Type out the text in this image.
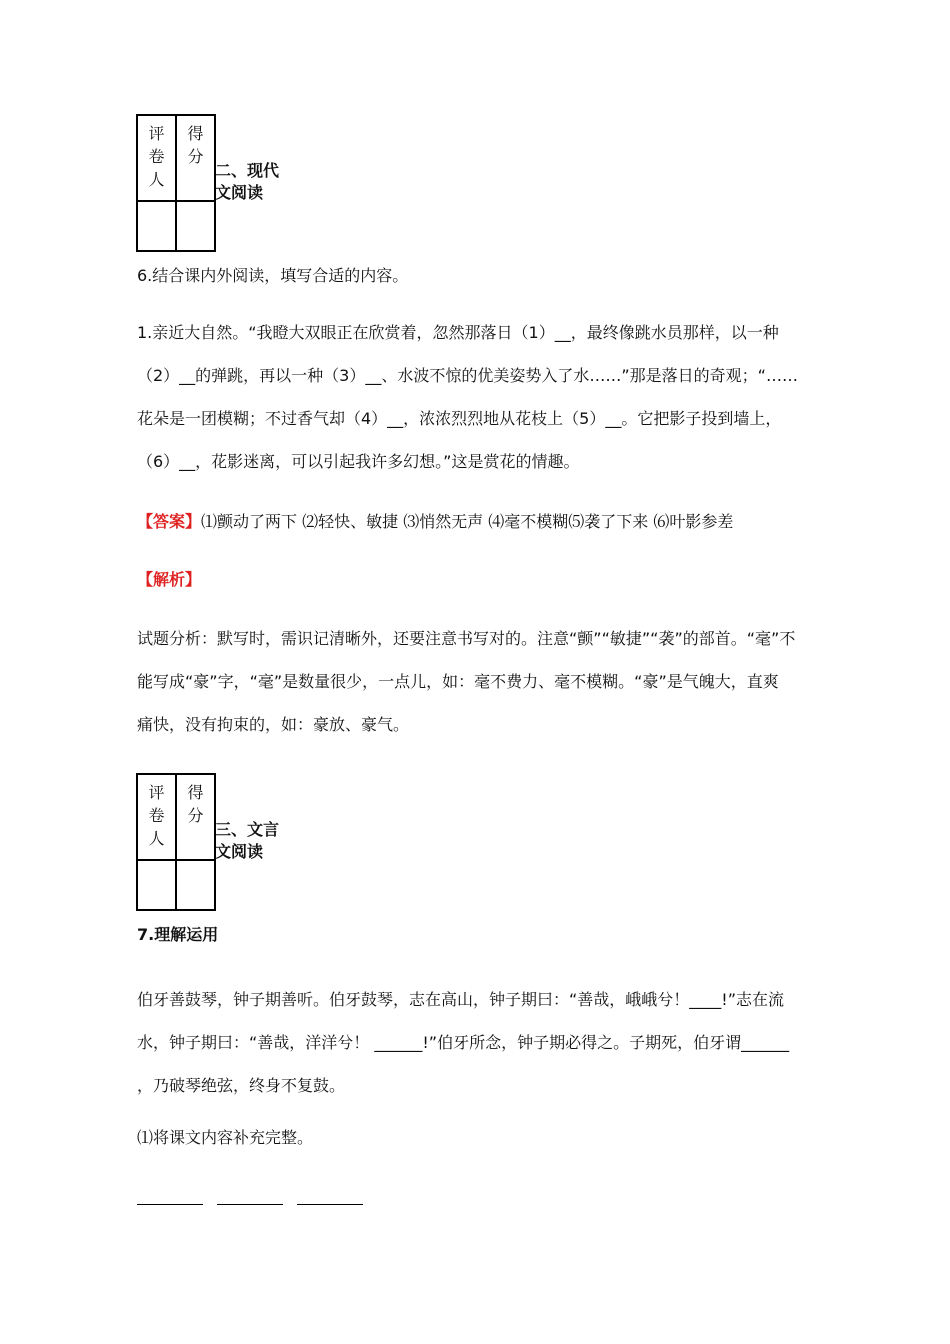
评卷人	得分

二、现代
文阅读
6.结合课内外阅读，填写合适的内容。
1.亲近大自然。“我瞪大双眼正在欣赏着，忽然那落日（1）__，最终像跳水员那样，以一种
（2）__的弹跳，再以一种（3）__、水波不惊的优美姿势入了水……”那是落日的奇观；“……
花朵是一团模糊；不过香气却（4）__，浓浓烈烈地从花枝上（5）__。它把影子投到墙上，
（6）__，花影迷离，可以引起我许多幻想。”这是赏花的情趣。
【答案】⑴颤动了两下 ⑵轻快、敏捷 ⑶悄然无声 ⑷毫不模糊⑸袭了下来 ⑹叶影参差
【解析】
试题分析：默写时，需识记清晰外，还要注意书写对的。注意“颤”“敏捷”“袭”的部首。“毫”不
能写成“豪”字，“毫”是数量很少，一点儿，如：毫不费力、毫不模糊。“豪”是气魄大，直爽
痛快，没有拘束的，如：豪放、豪气。
评卷人	得分

三、文言
文阅读
7.理解运用
伯牙善鼓琴，钟子期善听。伯牙鼓琴，志在高山，钟子期曰：“善哉，峨峨兮！____!”志在流
水，钟子期曰：“善哉，洋洋兮！ ______!”伯牙所念，钟子期必得之。子期死，伯牙谓______
，乃破琴绝弦，终身不复鼓。
⑴将课文内容补充完整。
